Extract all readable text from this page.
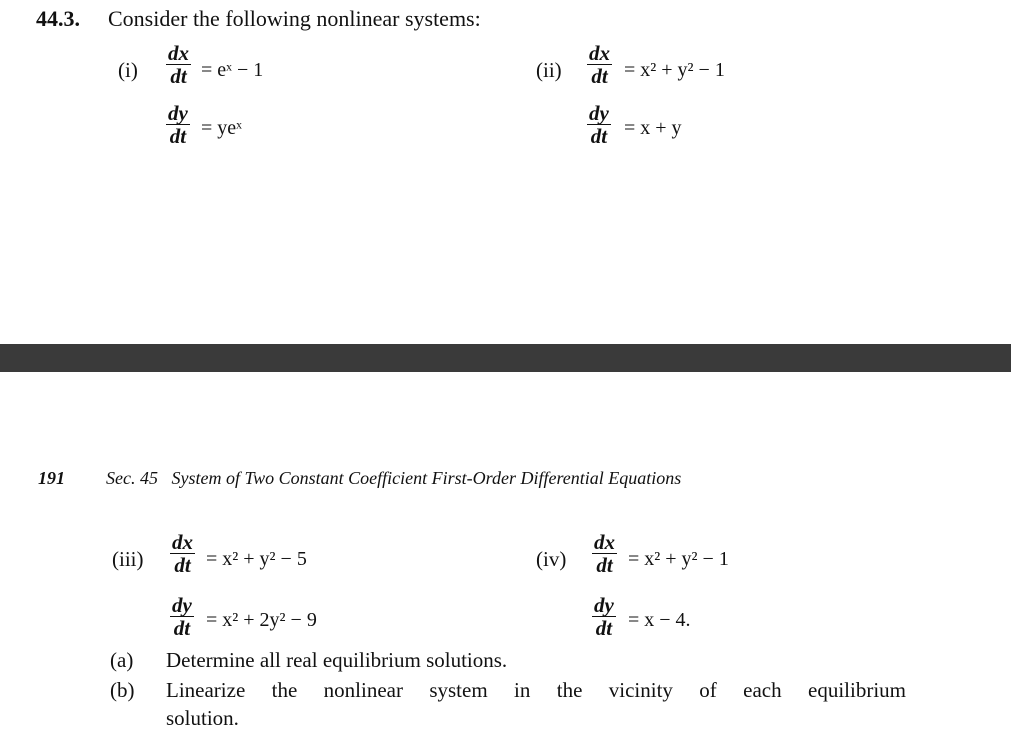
44.3. Consider the following nonlinear systems:
(i)
dx
dt = eˣ − 1
dy
dt = yeˣ
(ii)
dx
dt = x² + y² − 1
dy
dt = x + y
191 Sec. 45   System of Two Constant Coefficient First-Order Differential Equations
(iii)
dx
dt = x² + y² − 5
dy
dt = x² + 2y² − 9
(iv)
dx
dt = x² + y² − 1
dy
dt = x − 4.
(a) Determine all real equilibrium solutions.
(b) Linearize the nonlinear system in the vicinity of each equilibrium
solution.
